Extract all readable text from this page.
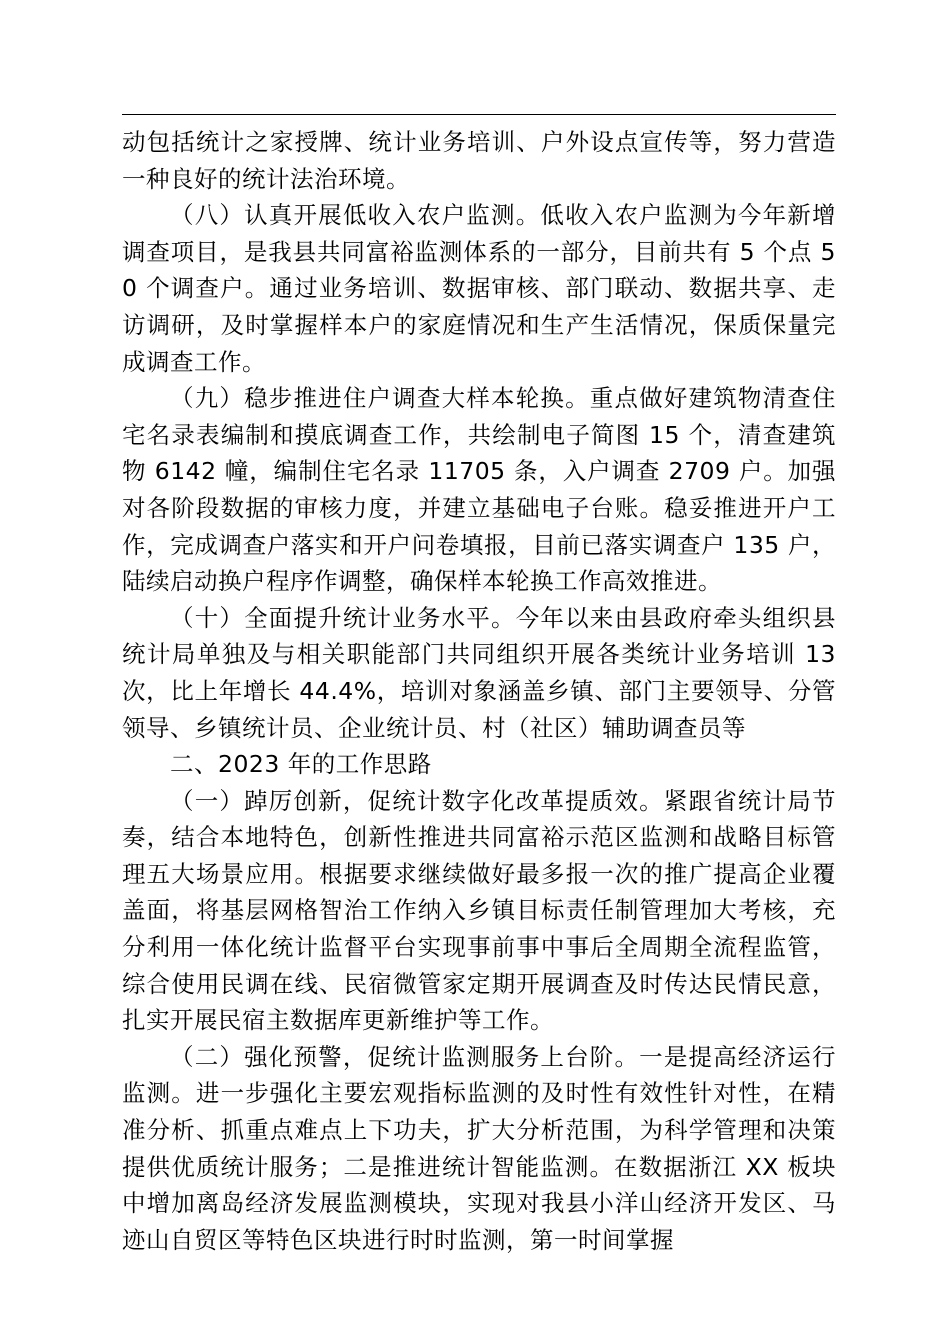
动包括统计之家授牌、统计业务培训、户外设点宣传等，努力营造一种良好的统计法治环境。

（八）认真开展低收入农户监测。低收入农户监测为今年新增调查项目，是我县共同富裕监测体系的一部分，目前共有 5 个点 50 个调查户。通过业务培训、数据审核、部门联动、数据共享、走访调研，及时掌握样本户的家庭情况和生产生活情况，保质保量完成调查工作。

（九）稳步推进住户调查大样本轮换。重点做好建筑物清查住宅名录表编制和摸底调查工作，共绘制电子简图 15 个，清查建筑物 6142 幢，编制住宅名录 11705 条，入户调查 2709 户。加强对各阶段数据的审核力度，并建立基础电子台账。稳妥推进开户工作，完成调查户落实和开户问卷填报，目前已落实调查户 135 户，陆续启动换户程序作调整，确保样本轮换工作高效推进。

（十）全面提升统计业务水平。今年以来由县政府牵头组织县统计局单独及与相关职能部门共同组织开展各类统计业务培训 13 次，比上年增长 44.4%，培训对象涵盖乡镇、部门主要领导、分管领导、乡镇统计员、企业统计员、村（社区）辅助调查员等

二、2023 年的工作思路

（一）踔厉创新，促统计数字化改革提质效。紧跟省统计局节奏，结合本地特色，创新性推进共同富裕示范区监测和战略目标管理五大场景应用。根据要求继续做好最多报一次的推广提高企业覆盖面，将基层网格智治工作纳入乡镇目标责任制管理加大考核，充分利用一体化统计监督平台实现事前事中事后全周期全流程监管，综合使用民调在线、民宿微管家定期开展调查及时传达民情民意，扎实开展民宿主数据库更新维护等工作。

（二）强化预警，促统计监测服务上台阶。一是提高经济运行监测。进一步强化主要宏观指标监测的及时性有效性针对性，在精准分析、抓重点难点上下功夫，扩大分析范围，为科学管理和决策提供优质统计服务；二是推进统计智能监测。在数据浙江 XX 板块中增加离岛经济发展监测模块，实现对我县小洋山经济开发区、马迹山自贸区等特色区块进行时时监测，第一时间掌握
